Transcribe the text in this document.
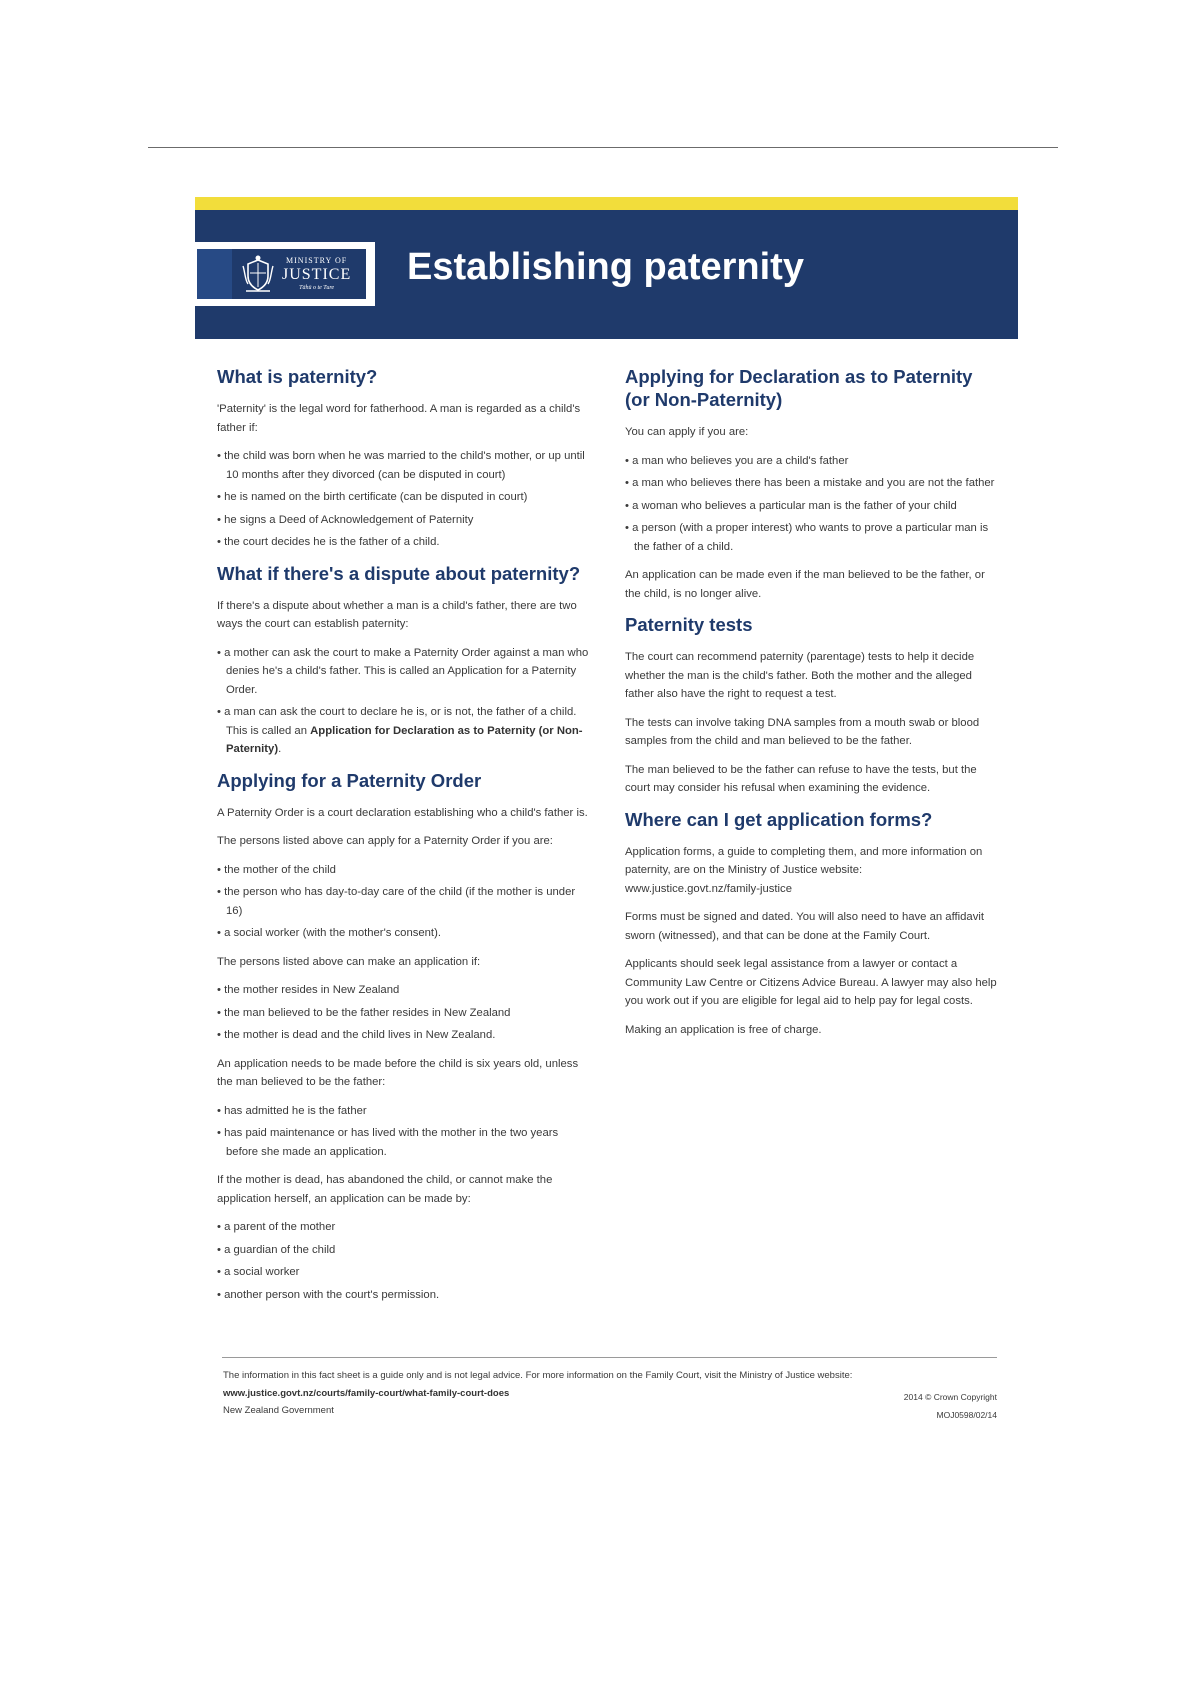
MINISTRY OF
JUSTICE
Tāhū o te Ture	Establishing paternity
What is paternity?

'Paternity' is the legal word for fatherhood. A man is regarded as a child's father if:

• the child was born when he was married to the child's mother, or up until 10 months after they divorced (can be disputed in court)
• he is named on the birth certificate (can be disputed in court)
• he signs a Deed of Acknowledgement of Paternity
• the court decides he is the father of a child.
What if there's a dispute about paternity?

If there's a dispute about whether a man is a child's father, there are two ways the court can establish paternity:

• a mother can ask the court to make a Paternity Order against a man who denies he's a child's father. This is called an Application for a Paternity Order.
• a man can ask the court to declare he is, or is not, the father of a child. This is called an Application for Declaration as to Paternity (or Non-Paternity).
Applying for a Paternity Order

A Paternity Order is a court declaration establishing who a child's father is.

The persons listed above can apply for a Paternity Order if you are:

• the mother of the child
• the person who has day-to-day care of the child (if the mother is under 16)
• a social worker (with the mother's consent).

The persons listed above can make an application if:

• the mother resides in New Zealand
• the man believed to be the father resides in New Zealand
• the mother is dead and the child lives in New Zealand.

An application needs to be made before the child is six years old, unless the man believed to be the father:

• has admitted he is the father
• has paid maintenance or has lived with the mother in the two years before she made an application.

If the mother is dead, has abandoned the child, or cannot make the application herself, an application can be made by:

• a parent of the mother
• a guardian of the child
• a social worker
• another person with the court's permission.
Applying for Declaration as to Paternity (or Non-Paternity)

You can apply if you are:

• a man who believes you are a child's father
• a man who believes there has been a mistake and you are not the father
• a woman who believes a particular man is the father of your child
• a person (with a proper interest) who wants to prove a particular man is the father of a child.

An application can be made even if the man believed to be the father, or the child, is no longer alive.

Paternity tests

The court can recommend paternity (parentage) tests to help it decide whether the man is the child's father. Both the mother and the alleged father also have the right to request a test.

The tests can involve taking DNA samples from a mouth swab or blood samples from the child and man believed to be the father.

The man believed to be the father can refuse to have the tests, but the court may consider his refusal when examining the evidence.

Where can I get application forms?

Application forms, a guide to completing them, and more information on paternity, are on the Ministry of Justice website: www.justice.govt.nz/family-justice

Forms must be signed and dated. You will also need to have an affidavit sworn (witnessed), and that can be done at the Family Court.

Applicants should seek legal assistance from a lawyer or contact a Community Law Centre or Citizens Advice Bureau. A lawyer may also help you work out if you are eligible for legal aid to help pay for legal costs.

Making an application is free of charge.

The information in this fact sheet is a guide only and is not legal advice. For more information on the Family Court, visit the Ministry of Justice website: www.justice.govt.nz/courts/family-court/what-family-court-does
New Zealand Government
2014 © Crown Copyright
MOJ0598/02/14
